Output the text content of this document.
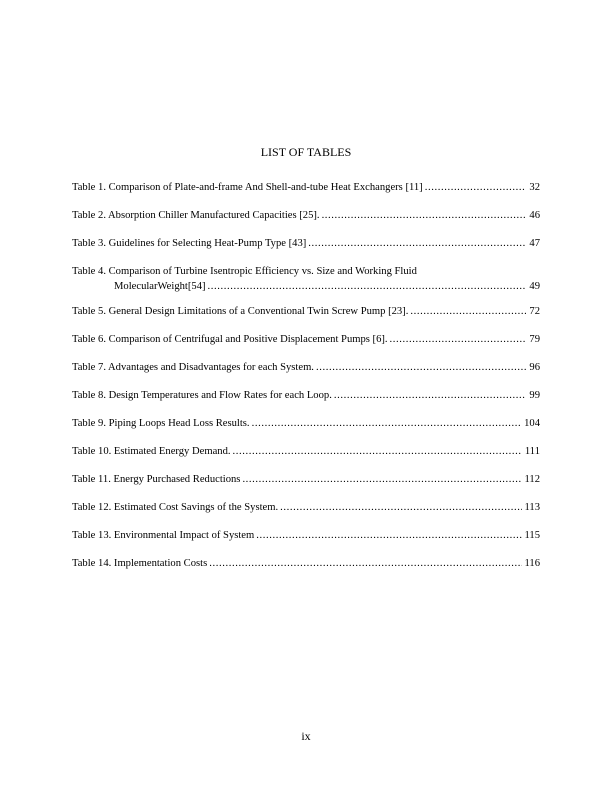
LIST OF TABLES
Table 1. Comparison of Plate-and-frame And Shell-and-tube Heat Exchangers [11] .....	32
Table 2. Absorption Chiller Manufactured Capacities [25]. .....	46
Table 3. Guidelines for Selecting Heat-Pump Type [43] .....	47
Table 4. Comparison of Turbine Isentropic Efficiency vs. Size and Working Fluid
MolecularWeight[54] .....	49
Table 5. General Design Limitations of a Conventional Twin Screw Pump [23]. .....	72
Table 6. Comparison of Centrifugal and Positive Displacement Pumps [6]. .....	79
Table 7. Advantages and Disadvantages for each System. .....	96
Table 8. Design Temperatures and Flow Rates for each Loop. .....	99
Table 9. Piping Loops Head Loss Results. .....	104
Table 10. Estimated Energy Demand. .....	111
Table 11. Energy Purchased Reductions .....	112
Table 12. Estimated Cost Savings of the System. .....	113
Table 13. Environmental Impact of System .....	115
Table 14. Implementation Costs .....	116
ix
